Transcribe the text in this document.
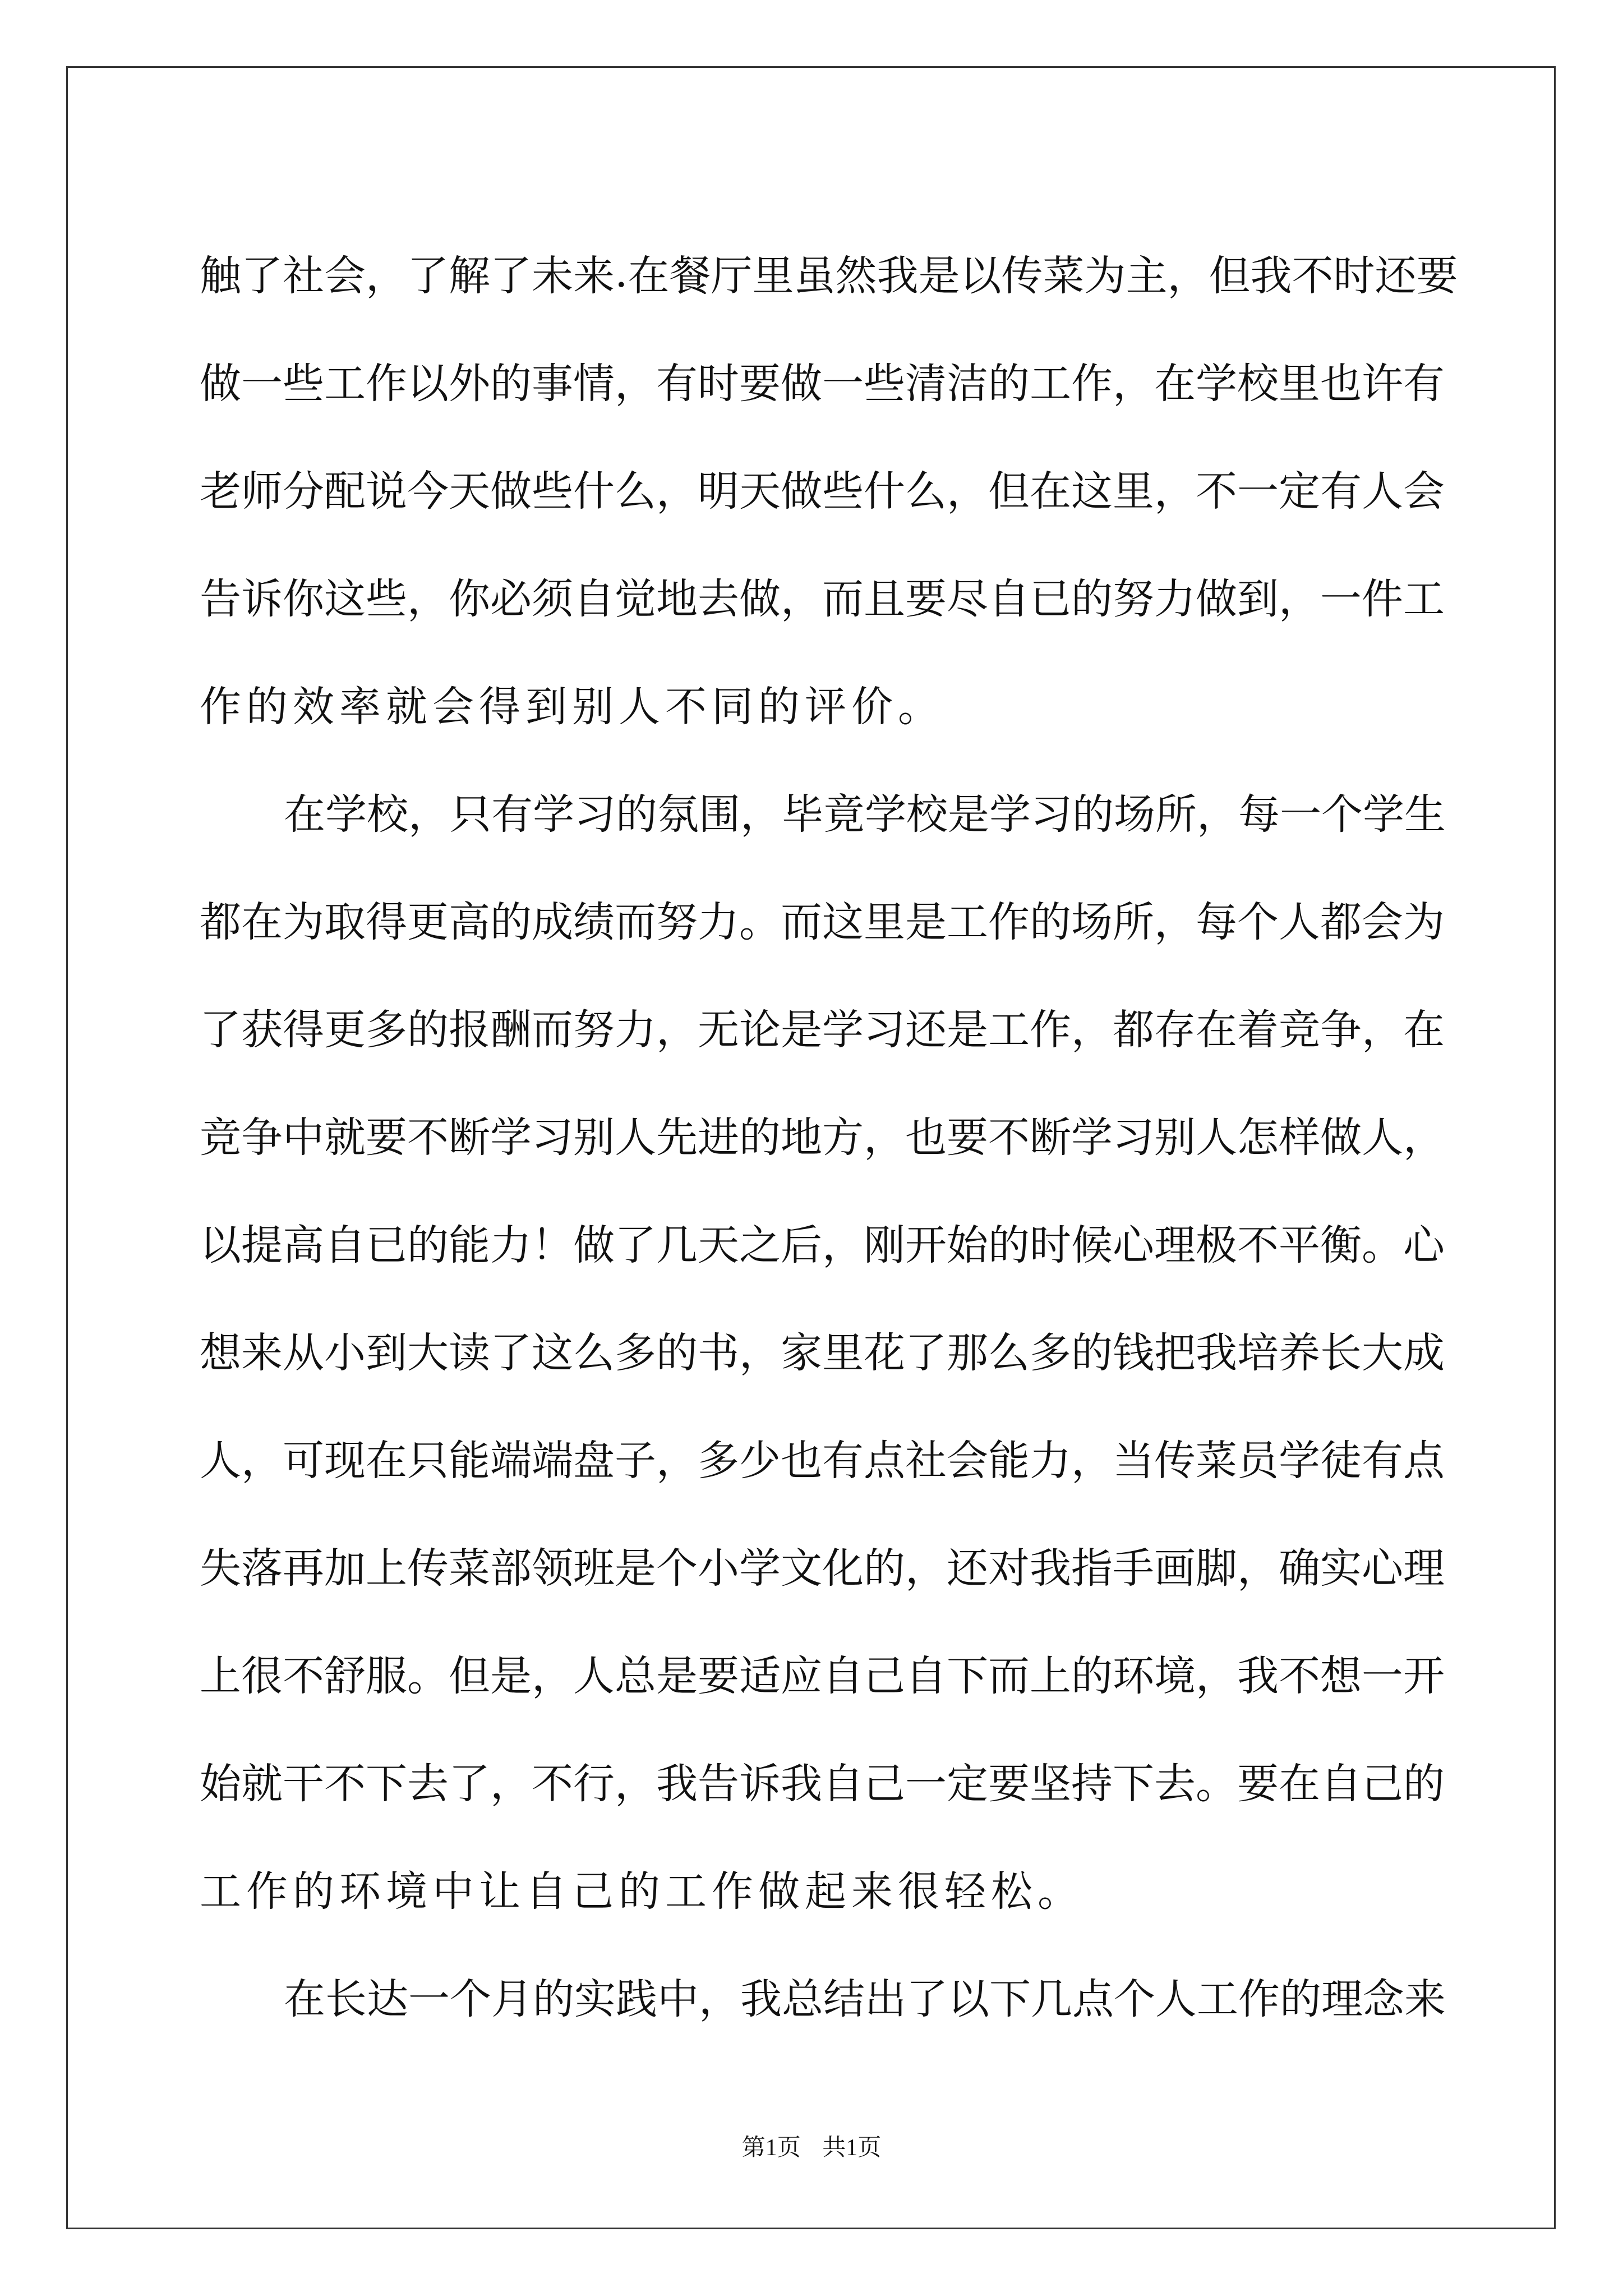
触 了 社 会 ， 了 解 了 未 来 . 在 餐 厅 里 虽 然 我 是 以 传 菜 为 主 ， 但 我 不 时 还 要
做 一 些 工 作 以 外 的 事 情 ， 有 时 要 做 一 些 清 洁 的 工 作 ， 在 学 校 里 也 许 有
老 师 分 配 说 今 天 做 些 什 么 ， 明 天 做 些 什 么 ， 但 在 这 里 ， 不 一 定 有 人 会
告 诉 你 这 些 ， 你 必 须 自 觉 地 去 做 ， 而 且 要 尽 自 已 的 努 力 做 到 ， 一 件 工
作的效率就会得到别人不同的评价。
在 学 校 ， 只 有 学 习 的 氛 围 ， 毕 竟 学 校 是 学 习 的 场 所 ， 每 一 个 学 生
都 在 为 取 得 更 高 的 成 绩 而 努 力 。 而 这 里 是 工 作 的 场 所 ， 每 个 人 都 会 为
了 获 得 更 多 的 报 酬 而 努 力 ， 无 论 是 学 习 还 是 工 作 ， 都 存 在 着 竞 争 ， 在
竞 争 中 就 要 不 断 学 习 别 人 先 进 的 地 方 ， 也 要 不 断 学 习 别 人 怎 样 做 人 ，
以 提 高 自 已 的 能 力 ！ 做 了 几 天 之 后 ， 刚 开 始 的 时 候 心 理 极 不 平 衡 。 心
想 来 从 小 到 大 读 了 这 么 多 的 书 ， 家 里 花 了 那 么 多 的 钱 把 我 培 养 长 大 成
人 ， 可 现 在 只 能 端 端 盘 子 ， 多 少 也 有 点 社 会 能 力 ， 当 传 菜 员 学 徒 有 点
失 落 再 加 上 传 菜 部 领 班 是 个 小 学 文 化 的 ， 还 对 我 指 手 画 脚 ， 确 实 心 理
上 很 不 舒 服 。 但 是 ， 人 总 是 要 适 应 自 己 自 下 而 上 的 环 境 ， 我 不 想 一 开
始 就 干 不 下 去 了 ， 不 行 ， 我 告 诉 我 自 己 一 定 要 坚 持 下 去 。 要 在 自 己 的
工作的环境中让自己的工作做起来很轻松。
在 长 达 一 个 月 的 实 践 中 ， 我 总 结 出 了 以 下 几 点 个 人 工 作 的 理 念 来
第1页 共1页
